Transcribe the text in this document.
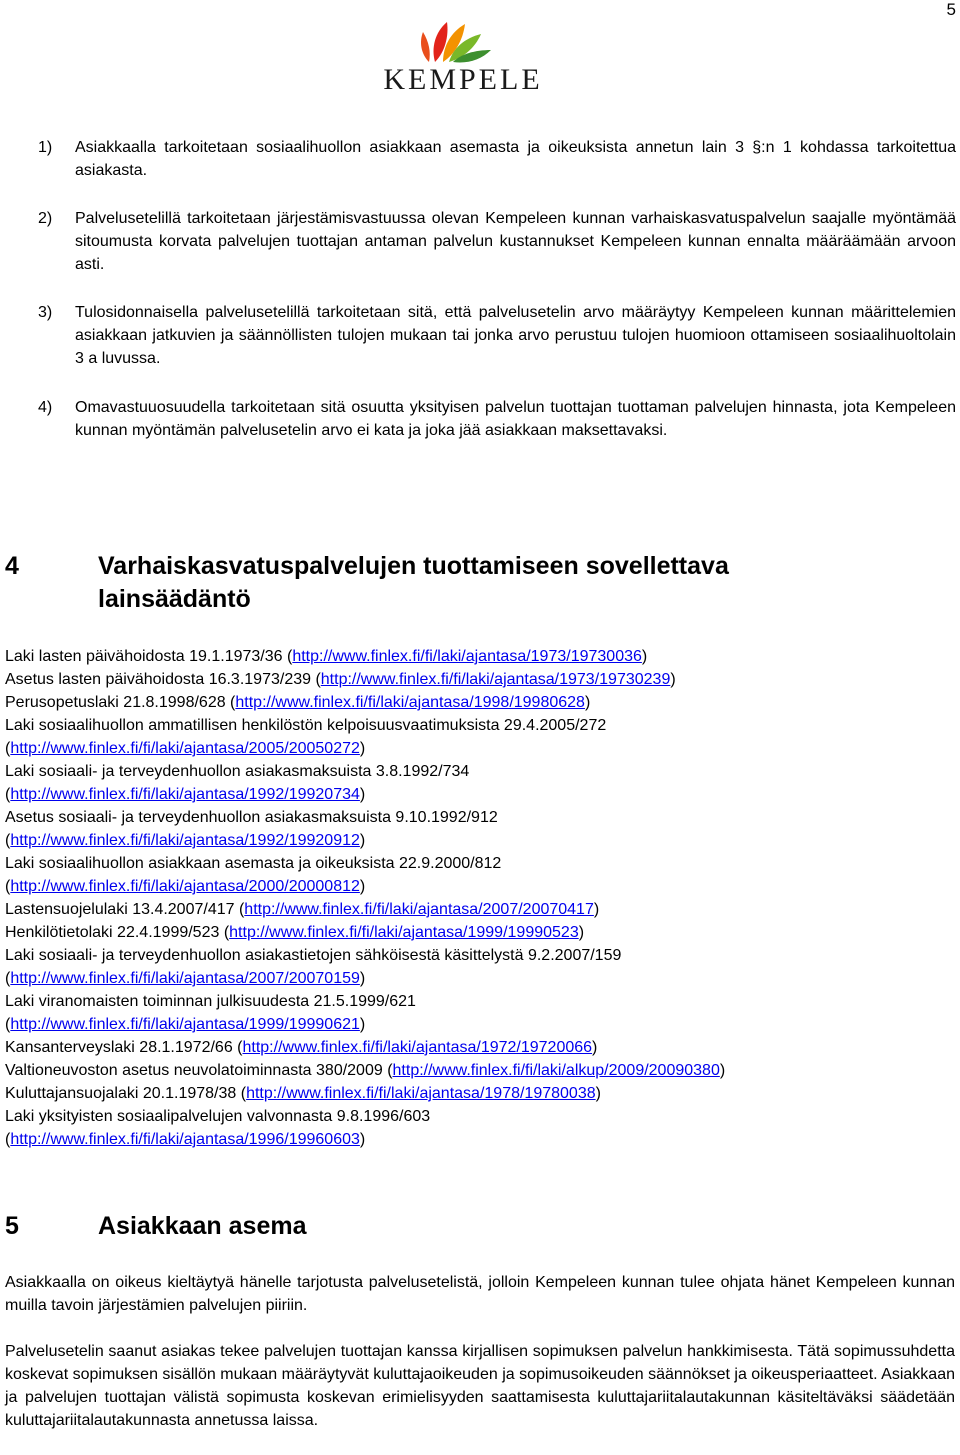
5
KEMPELE
1) Asiakkaalla tarkoitetaan sosiaalihuollon asiakkaan asemasta ja oikeuksista annetun lain 3 §:n 1 kohdassa tarkoitettua asiakasta.
2) Palvelusetelillä tarkoitetaan järjestämisvastuussa olevan Kempeleen kunnan varhaiskasvatuspalvelun saajalle myöntämää sitoumusta korvata palvelujen tuottajan antaman palvelun kustannukset Kempeleen kunnan ennalta määräämään arvoon asti.
3) Tulosidonnaisella palvelusetelillä tarkoitetaan sitä, että palvelusetelin arvo määräytyy Kempeleen kunnan määrittelemien asiakkaan jatkuvien ja säännöllisten tulojen mukaan tai jonka arvo perustuu tulojen huomioon ottamiseen sosiaalihuoltolain 3 a luvussa.
4) Omavastuuosuudella tarkoitetaan sitä osuutta yksityisen palvelun tuottajan tuottaman palvelujen hinnasta, jota Kempeleen kunnan myöntämän palvelusetelin arvo ei kata ja joka jää asiakkaan maksettavaksi.
4	Varhaiskasvatuspalvelujen tuottamiseen sovellettava
lainsäädäntö
Laki lasten päivähoidosta 19.1.1973/36 (http://www.finlex.fi/fi/laki/ajantasa/1973/19730036)
Asetus lasten päivähoidosta 16.3.1973/239 (http://www.finlex.fi/fi/laki/ajantasa/1973/19730239)
Perusopetuslaki 21.8.1998/628 (http://www.finlex.fi/fi/laki/ajantasa/1998/19980628)
Laki sosiaalihuollon ammatillisen henkilöstön kelpoisuusvaatimuksista 29.4.2005/272
(http://www.finlex.fi/fi/laki/ajantasa/2005/20050272)
Laki sosiaali- ja terveydenhuollon asiakasmaksuista 3.8.1992/734
(http://www.finlex.fi/fi/laki/ajantasa/1992/19920734)
Asetus sosiaali- ja terveydenhuollon asiakasmaksuista 9.10.1992/912
(http://www.finlex.fi/fi/laki/ajantasa/1992/19920912)
Laki sosiaalihuollon asiakkaan asemasta ja oikeuksista 22.9.2000/812
(http://www.finlex.fi/fi/laki/ajantasa/2000/20000812)
Lastensuojelulaki 13.4.2007/417 (http://www.finlex.fi/fi/laki/ajantasa/2007/20070417)
Henkilötietolaki 22.4.1999/523 (http://www.finlex.fi/fi/laki/ajantasa/1999/19990523)
Laki sosiaali- ja terveydenhuollon asiakastietojen sähköisestä käsittelystä 9.2.2007/159
(http://www.finlex.fi/fi/laki/ajantasa/2007/20070159)
Laki viranomaisten toiminnan julkisuudesta 21.5.1999/621
(http://www.finlex.fi/fi/laki/ajantasa/1999/19990621)
Kansanterveyslaki 28.1.1972/66 (http://www.finlex.fi/fi/laki/ajantasa/1972/19720066)
Valtioneuvoston asetus neuvolatoiminnasta 380/2009 (http://www.finlex.fi/fi/laki/alkup/2009/20090380)
Kuluttajansuojalaki 20.1.1978/38 (http://www.finlex.fi/fi/laki/ajantasa/1978/19780038)
Laki yksityisten sosiaalipalvelujen valvonnasta 9.8.1996/603
(http://www.finlex.fi/fi/laki/ajantasa/1996/19960603)
5	Asiakkaan asema
Asiakkaalla on oikeus kieltäytyä hänelle tarjotusta palvelusetelistä, jolloin Kempeleen kunnan tulee ohjata hänet Kempeleen kunnan muilla tavoin järjestämien palvelujen piiriin.
Palvelusetelin saanut asiakas tekee palvelujen tuottajan kanssa kirjallisen sopimuksen palvelun hankkimisesta. Tätä sopimussuhdetta koskevat sopimuksen sisällön mukaan määräytyvät kuluttajaoikeuden ja sopimusoikeuden säännökset ja oikeusperiaatteet. Asiakkaan ja palvelujen tuottajan välistä sopimusta koskevan erimielisyyden saattamisesta kuluttajariitalautakunnan käsiteltäväksi säädetään kuluttajariitalautakunnasta annetussa laissa.
